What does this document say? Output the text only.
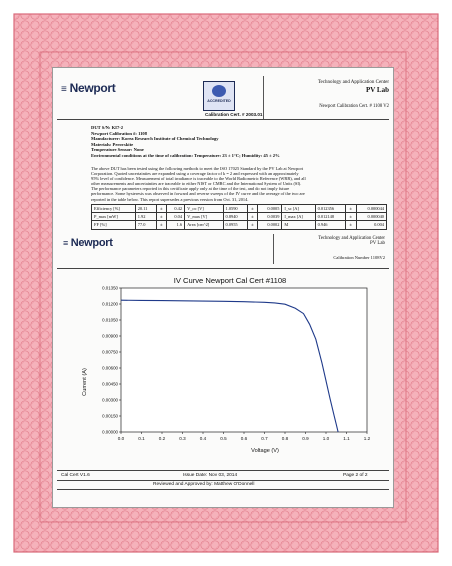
≡ Newport
ACCREDITED
Calibration Cert. # 2003.01
Technology and Application Center
PV Lab
Newport Calibration Cert. # 1108 V2
DUT S/N: KI7-2
Newport Calibration #: 1108
Manufacturer: Korea Research Institute of Chemical Technology
Materials: Perovskite
Temperature Sensor: None
Environmental conditions at the time of calibration: Temperature: 23 ± 1°C; Humidity: 45 ± 2%
The above DUT has been tested using the following methods to meet the ISO 17025 Standard by the PV Lab at Newport
Corporation. Quoted uncertainties are expanded using a coverage factor of k = 2 and expressed with an approximately
95% level of confidence. Measurement of total irradiance is traceable to the World Radiometric Reference (WRR), and all
other measurements and uncertainties are traceable to either NIST or CMRC and the International System of Units (SI).
The performance parameters reported in this certificate apply only at the time of the test, and do not imply future
performance. Some hysteresis was observed in forward and reverse sweeps of the IV curve and the average of the two are
reported in the table below. This report supersedes a previous version from Oct. 31, 2014.
Efficiency [%]	20.11	±	0.42	V_oc [V]	1.0590	±	0.0005	I_sc [A]	0.012356	±	0.000044
P_max [mW]	1.92	±	0.04	V_max [V]	0.8940	±	0.0039	I_max [A]	0.012148	±	0.000040
FF [%]	77.0	±	1.6	Area [cm^2]	0.0955	±	0.0002	M	0.946	±	0.004
≡ Newport	Technology and Application Center
PV Lab
Calibration Number 1108V2
IV Curve Newport Cal Cert #1108
Voltage (V)
Current (A)
0.0	0.1	0.2	0.3	0.4	0.5	0.6	0.7	0.8	0.9	1.0	1.1	1.2
0.00000
0.00150
0.00300
0.00450
0.00600
0.00750
0.00900
0.01050
0.01200
0.01350
Cal Cert V1.6	Issue Date: Nov 03, 2014	Page 2 of 2
Reviewed and Approved by: Matthew O'Donnell
